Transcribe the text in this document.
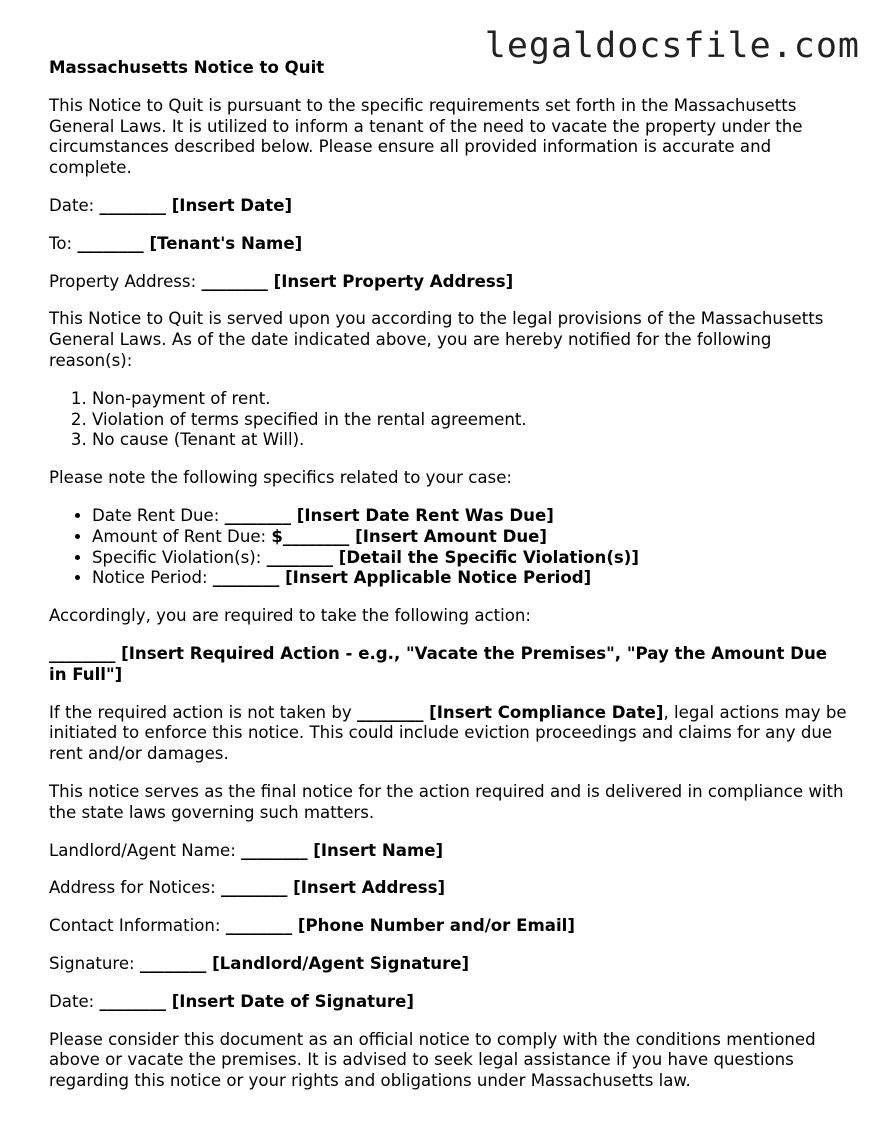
legaldocsfile.com
Massachusetts Notice to Quit

This Notice to Quit is pursuant to the specific requirements set forth in the Massachusetts General Laws. It is utilized to inform a tenant of the need to vacate the property under the circumstances described below. Please ensure all provided information is accurate and complete.

Date: ________ [Insert Date]

To: ________ [Tenant's Name]

Property Address: ________ [Insert Property Address]

This Notice to Quit is served upon you according to the legal provisions of the Massachusetts General Laws. As of the date indicated above, you are hereby notified for the following reason(s):

1. Non-payment of rent.
2. Violation of terms specified in the rental agreement.
3. No cause (Tenant at Will).

Please note the following specifics related to your case:

• Date Rent Due: ________ [Insert Date Rent Was Due]
• Amount of Rent Due: $________ [Insert Amount Due]
• Specific Violation(s): ________ [Detail the Specific Violation(s)]
• Notice Period: ________ [Insert Applicable Notice Period]

Accordingly, you are required to take the following action:

________ [Insert Required Action - e.g., "Vacate the Premises", "Pay the Amount Due in Full"]

If the required action is not taken by ________ [Insert Compliance Date], legal actions may be initiated to enforce this notice. This could include eviction proceedings and claims for any due rent and/or damages.

This notice serves as the final notice for the action required and is delivered in compliance with the state laws governing such matters.

Landlord/Agent Name: ________ [Insert Name]

Address for Notices: ________ [Insert Address]

Contact Information: ________ [Phone Number and/or Email]

Signature: ________ [Landlord/Agent Signature]

Date: ________ [Insert Date of Signature]

Please consider this document as an official notice to comply with the conditions mentioned above or vacate the premises. It is advised to seek legal assistance if you have questions regarding this notice or your rights and obligations under Massachusetts law.
